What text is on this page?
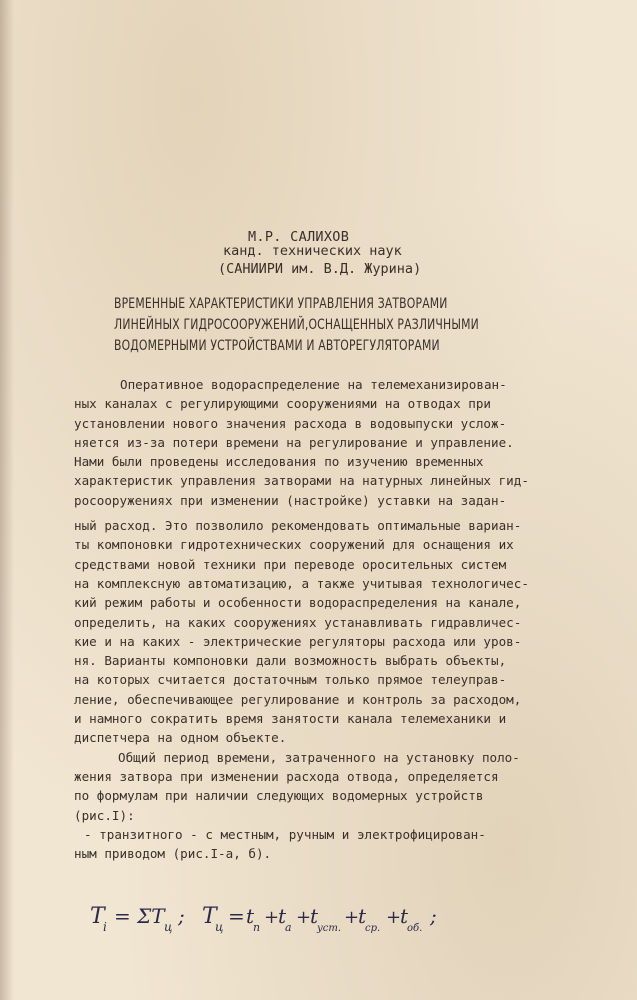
М.Р. САЛИХОВ
канд. технических наук
(САНИИРИ им. В.Д. Журина)
ВРЕМЕННЫЕ ХАРАКТЕРИСТИКИ УПРАВЛЕНИЯ ЗАТВОРАМИ
ЛИНЕЙНЫХ ГИДРОСООРУЖЕНИЙ,ОСНАЩЕННЫХ РАЗЛИЧНЫМИ
ВОДОМЕРНЫМИ УСТРОЙСТВАМИ И АВТОРЕГУЛЯТОРАМИ
Оперативное водораспределение на телемеханизирован-
ных каналах с регулирующими сооружениями на отводах при
установлении нового значения расхода в водовыпуски услож-
няется из-за потери времени на регулирование и управление.
Нами были проведены исследования по изучению временных
характеристик управления затворами на натурных линейных гид-
росооружениях при изменении (настройке) уставки на задан-
ный расход. Это позволило рекомендовать оптимальные вариан-
ты компоновки гидротехнических сооружений для оснащения их
средствами новой техники при переводе оросительных систем
на комплексную автоматизацию, а также учитывая технологичес-
кий режим работы и особенности водораспределения на канале,
определить, на каких сооружениях устанавливать гидравличес-
кие и на каких - электрические регуляторы расхода или уров-
ня. Варианты компоновки дали возможность выбрать объекты,
на которых считается достаточным только прямое телеуправ-
ление, обеспечивающее регулирование и контроль за расходом,
и намного сократить время занятости канала телемеханики и
диспетчера на одном объекте.
Общий период времени, затраченного на установку поло-
жения затвора при изменении расхода отвода, определяется
по формулам при наличии следующих водомерных устройств
(рис.I):
- транзитного - с местным, ручным и электрофицирован-
ным приводом (рис.I-а, б).
T
i = ΣT ц ; T
ц = t
п +
t
а +
t
уст.
+
t
ср.
+
t
об.
;
